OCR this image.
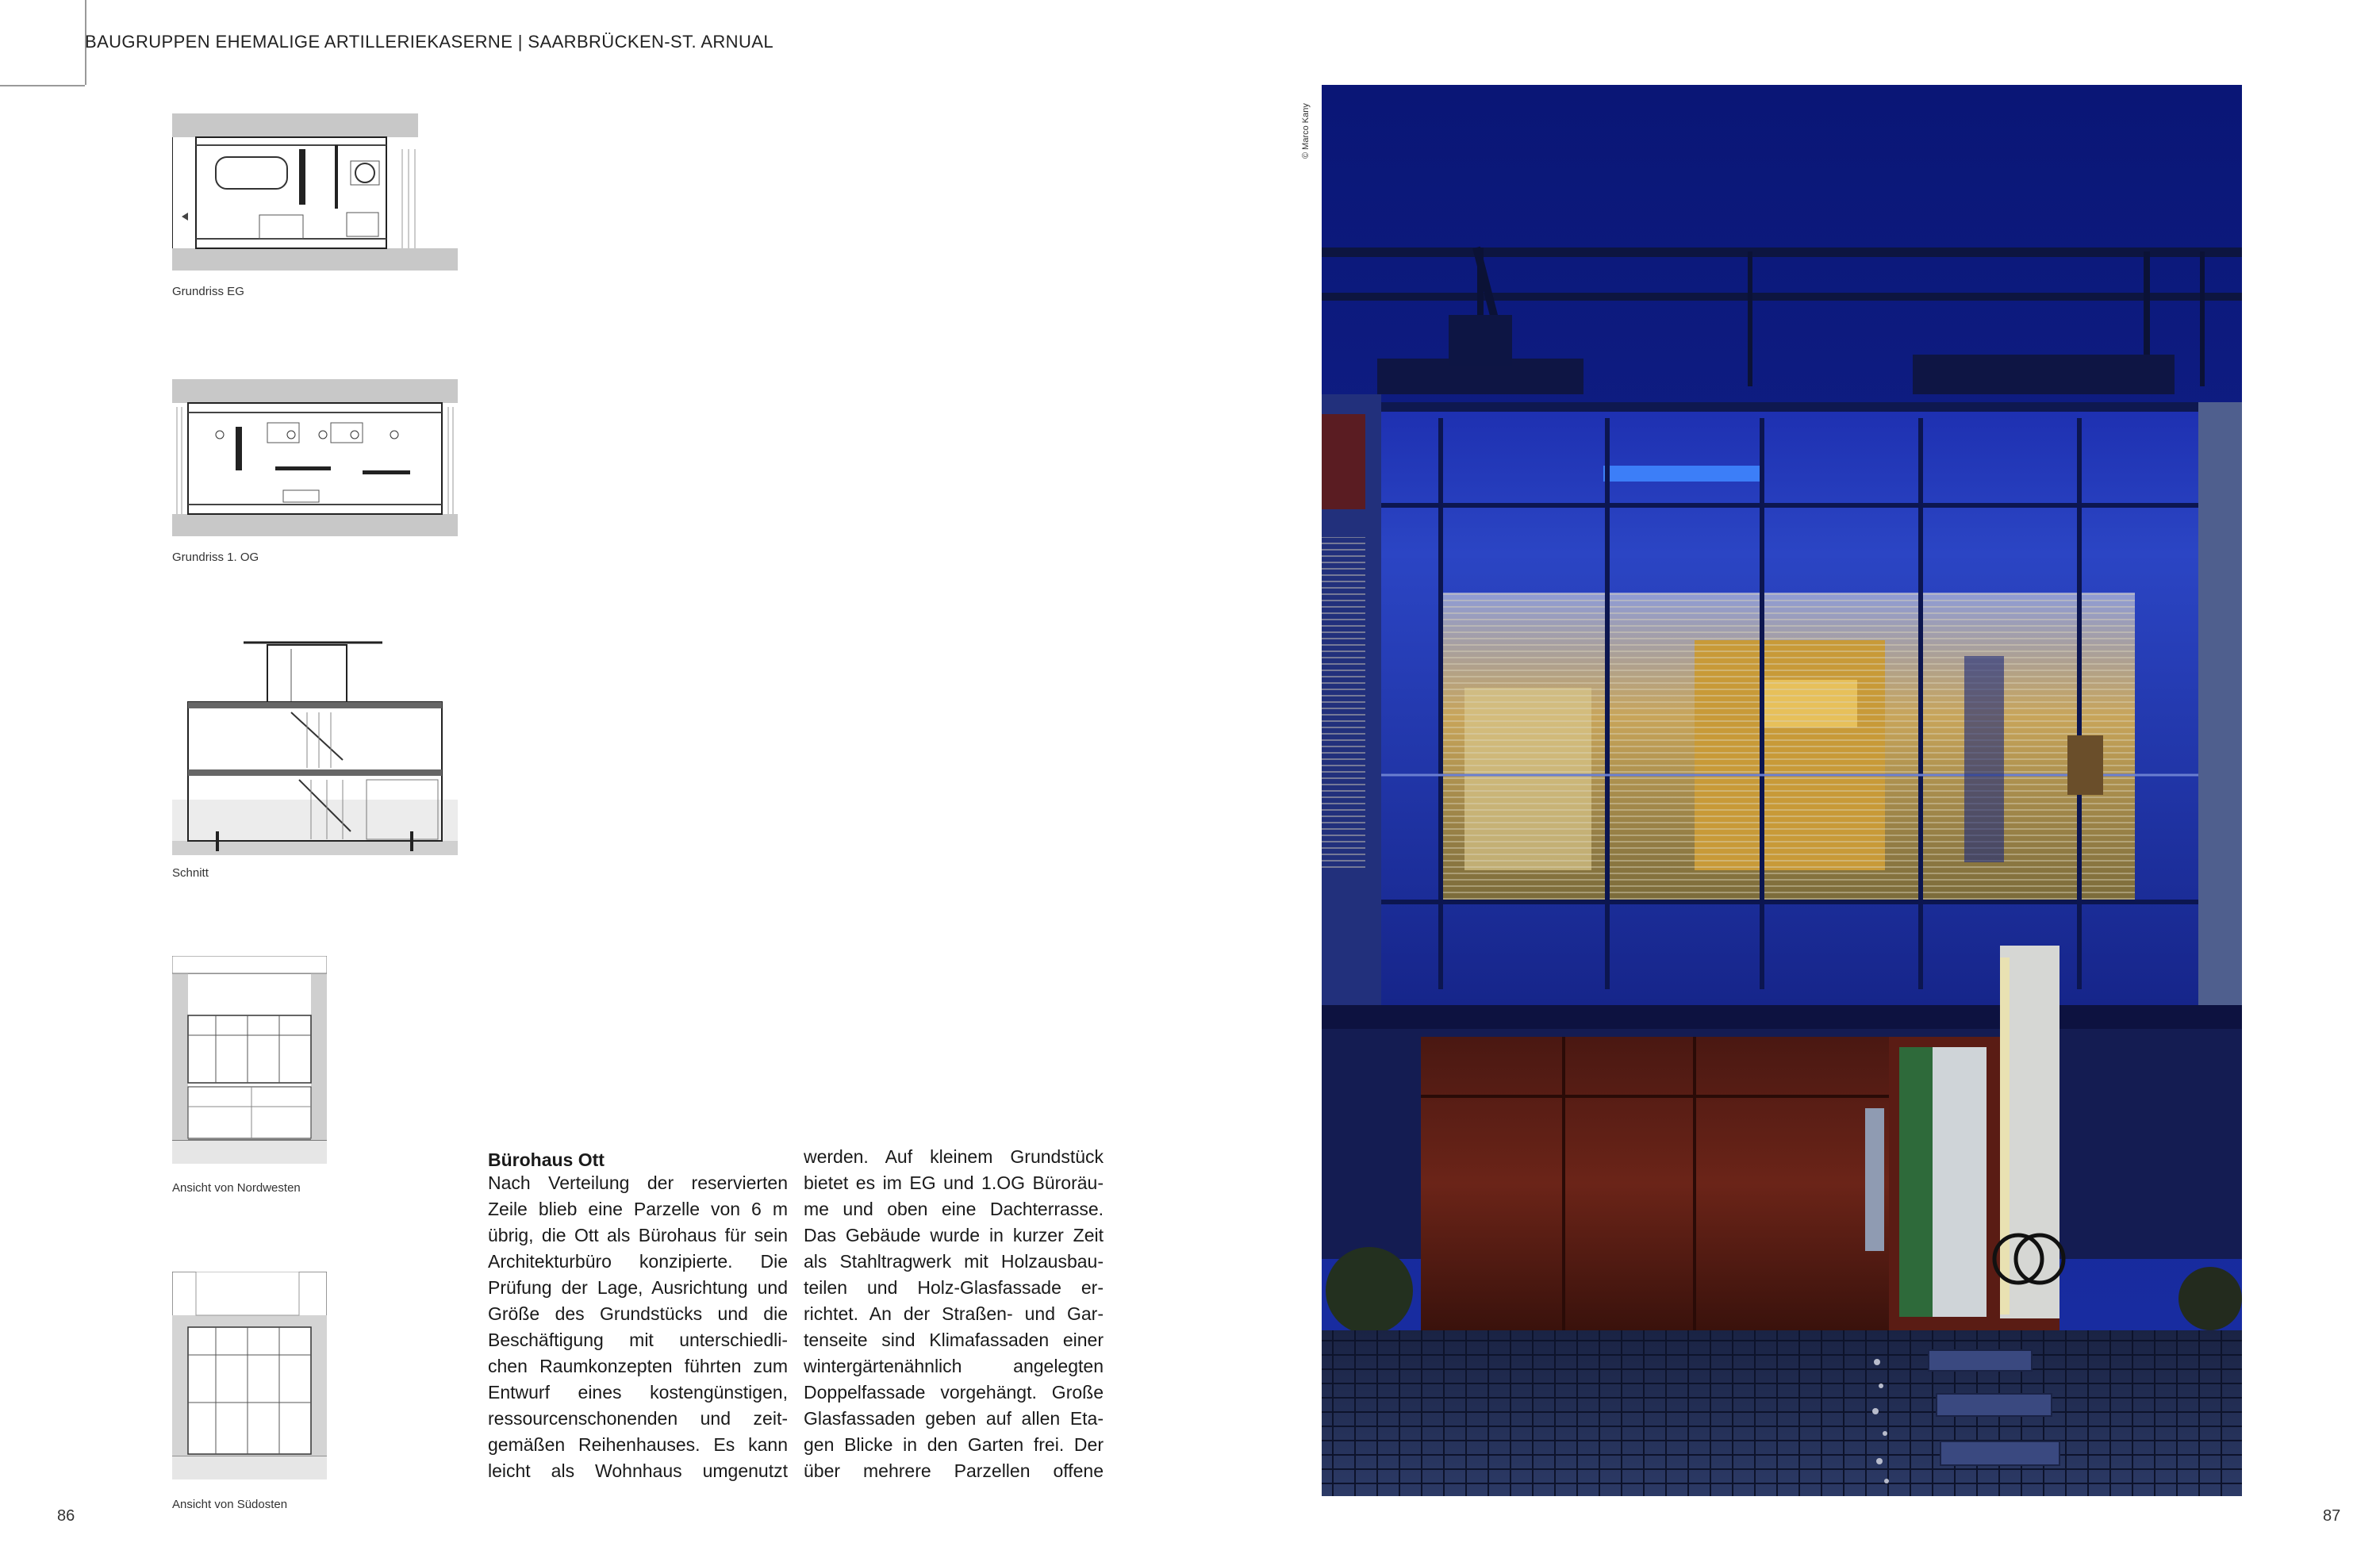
BAUGRUPPEN EHEMALIGE ARTILLERIEKASERNE | SAARBRÜCKEN-ST. ARNUAL
Grundriss EG
Grundriss 1. OG
Schnitt
Ansicht von Nordwesten
Ansicht von Südosten
86	87
Bürohaus Ott
Nach Verteilung der reservierten
Zeile blieb eine Parzelle von 6 m
übrig, die Ott als Bürohaus für sein
Architekturbüro konzipierte. Die
Prüfung der Lage, Ausrichtung und
Größe des Grundstücks und die
Beschäftigung mit unterschiedli-
chen Raumkonzepten führten zum
Entwurf eines kostengünstigen,
ressourcenschonenden und zeit-
gemäßen Reihenhauses. Es kann
leicht als Wohnhaus umgenutzt
werden. Auf kleinem Grundstück
bietet es im EG und 1.OG Büroräu-
me und oben eine Dachterrasse.
Das Gebäude wurde in kurzer Zeit
als Stahltragwerk mit Holzausbau-
teilen und Holz-Glasfassade er-
richtet. An der Straßen- und Gar-
tenseite sind Klimafassaden einer
wintergärtenähnlich angelegten
Doppelfassade vorgehängt. Große
Glasfassaden geben auf allen Eta-
gen Blicke in den Garten frei. Der
über mehrere Parzellen offene
© Marco Kany
